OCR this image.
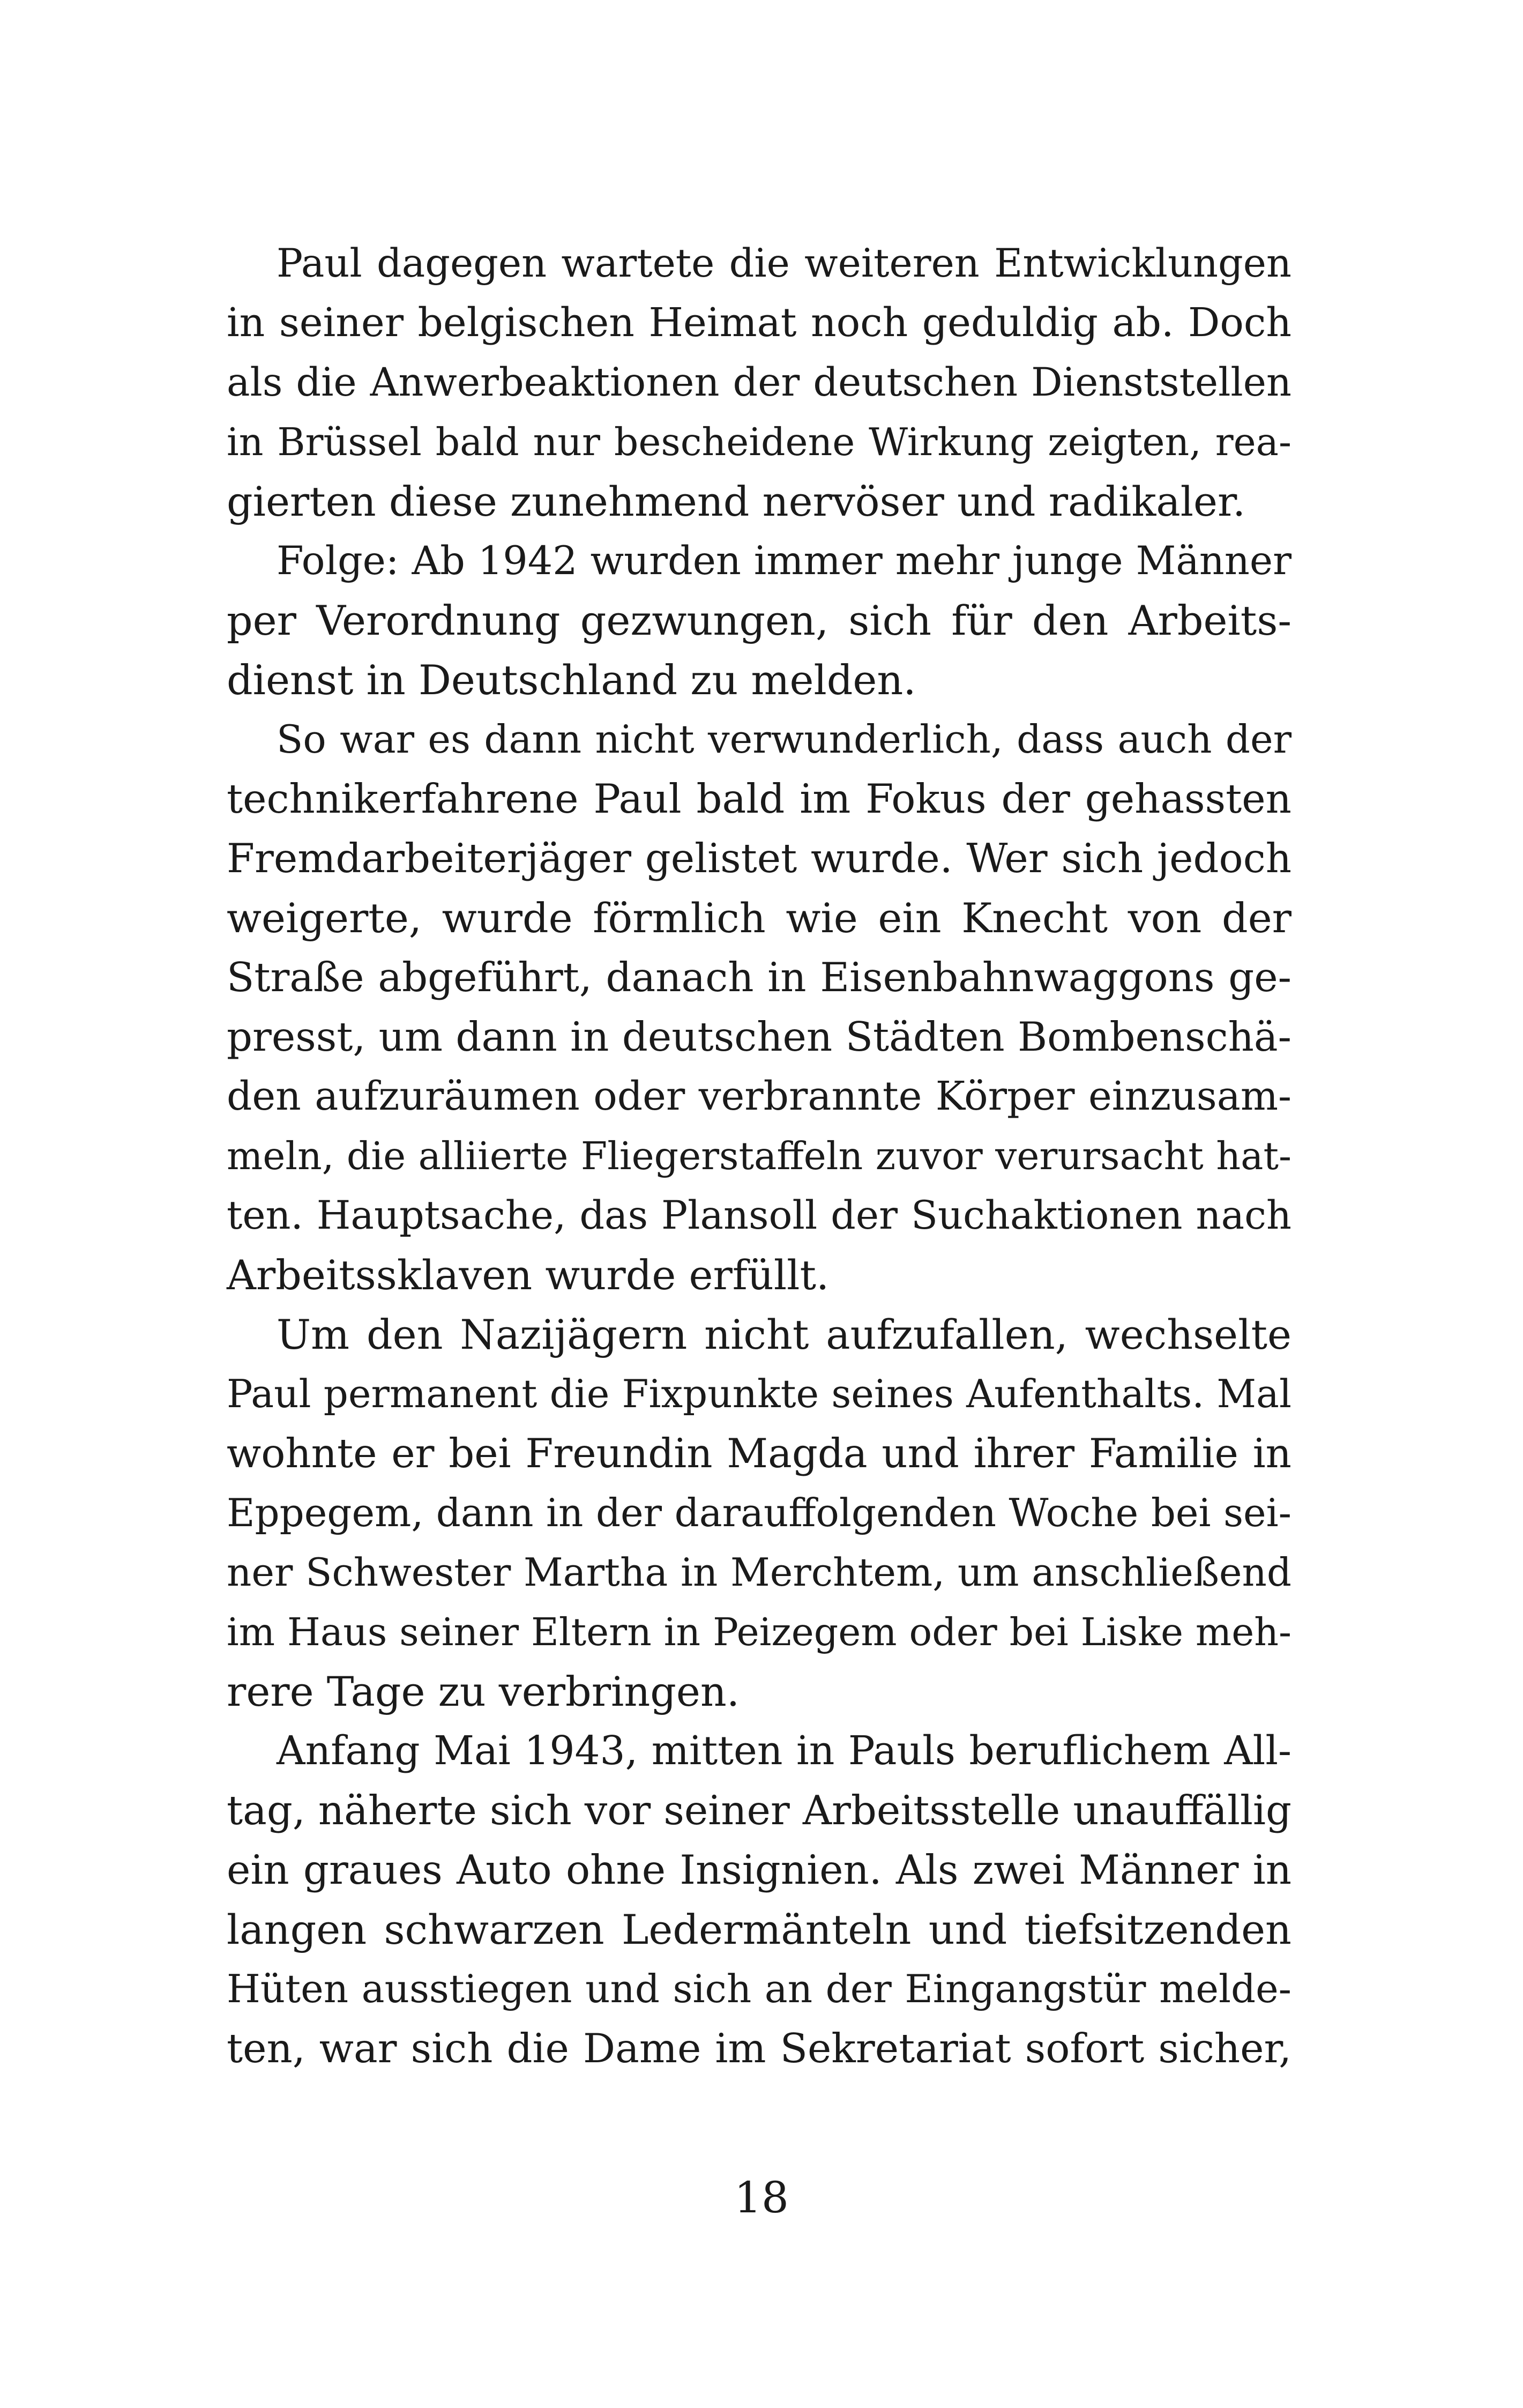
Paul dagegen wartete die weiteren Entwicklungen
in seiner belgischen Heimat noch geduldig ab. Doch
als die Anwerbeaktionen der deutschen Dienststellen
in Brüssel bald nur bescheidene Wirkung zeigten, rea-
gierten diese zunehmend nervöser und radikaler.
Folge: Ab 1942 wurden immer mehr junge Männer
per Verordnung gezwungen, sich für den Arbeits-
dienst in Deutschland zu melden.
So war es dann nicht verwunderlich, dass auch der
technikerfahrene Paul bald im Fokus der gehassten
Fremdarbeiterjäger gelistet wurde. Wer sich jedoch
weigerte, wurde förmlich wie ein Knecht von der
Straße abgeführt, danach in Eisenbahnwaggons ge-
presst, um dann in deutschen Städten Bombenschä-
den aufzuräumen oder verbrannte Körper einzusam-
meln, die alliierte Fliegerstaffeln zuvor verursacht hat-
ten. Hauptsache, das Plansoll der Suchaktionen nach
Arbeitssklaven wurde erfüllt.
Um den Nazijägern nicht aufzufallen, wechselte
Paul permanent die Fixpunkte seines Aufenthalts. Mal
wohnte er bei Freundin Magda und ihrer Familie in
Eppegem, dann in der darauffolgenden Woche bei sei-
ner Schwester Martha in Merchtem, um anschließend
im Haus seiner Eltern in Peizegem oder bei Liske meh-
rere Tage zu verbringen.
Anfang Mai 1943, mitten in Pauls beruflichem All-
tag, näherte sich vor seiner Arbeitsstelle unauffällig
ein graues Auto ohne Insignien. Als zwei Männer in
langen schwarzen Ledermänteln und tiefsitzenden
Hüten ausstiegen und sich an der Eingangstür melde-
ten, war sich die Dame im Sekretariat sofort sicher,
18
